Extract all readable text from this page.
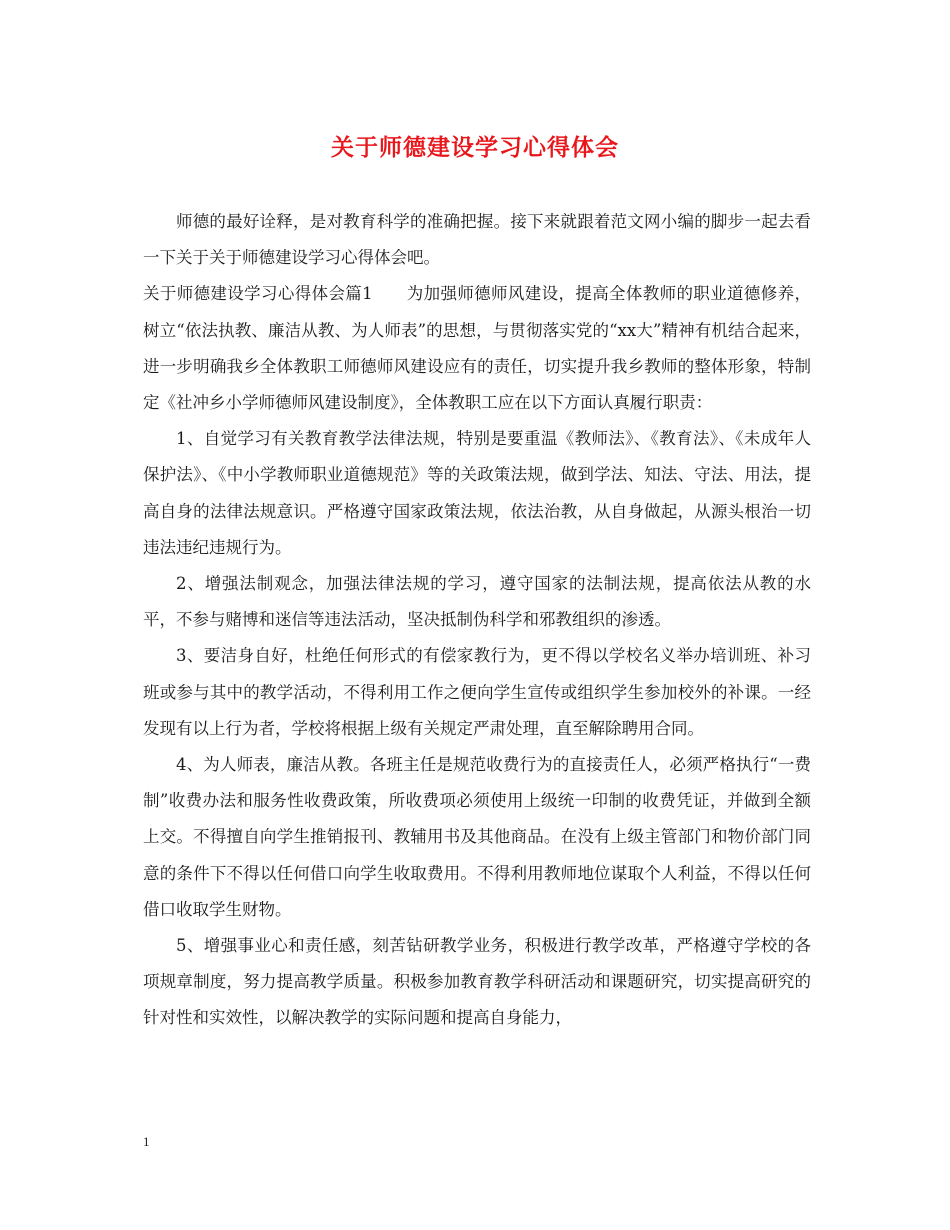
关于师德建设学习心得体会

师德的最好诠释，是对教育科学的准确把握。接下来就跟着范文网小编的脚步一起去看一下关于关于师德建设学习心得体会吧。

关于师德建设学习心得体会篇1　　为加强师德师风建设，提高全体教师的职业道德修养，树立“依法执教、廉洁从教、为人师表”的思想，与贯彻落实党的“xx大”精神有机结合起来，进一步明确我乡全体教职工师德师风建设应有的责任，切实提升我乡教师的整体形象，特制定《社冲乡小学师德师风建设制度》，全体教职工应在以下方面认真履行职责：

1、自觉学习有关教育教学法律法规，特别是要重温《教师法》、《教育法》、《未成年人保护法》、《中小学教师职业道德规范》等的关政策法规，做到学法、知法、守法、用法，提高自身的法律法规意识。严格遵守国家政策法规，依法治教，从自身做起，从源头根治一切违法违纪违规行为。

2、增强法制观念，加强法律法规的学习，遵守国家的法制法规，提高依法从教的水平，不参与赌博和迷信等违法活动，坚决抵制伪科学和邪教组织的渗透。

3、要洁身自好，杜绝任何形式的有偿家教行为，更不得以学校名义举办培训班、补习班或参与其中的教学活动，不得利用工作之便向学生宣传或组织学生参加校外的补课。一经发现有以上行为者，学校将根据上级有关规定严肃处理，直至解除聘用合同。

4、为人师表，廉洁从教。各班主任是规范收费行为的直接责任人，必须严格执行“一费制”收费办法和服务性收费政策，所收费项必须使用上级统一印制的收费凭证，并做到全额上交。不得擅自向学生推销报刊、教辅用书及其他商品。在没有上级主管部门和物价部门同意的条件下不得以任何借口向学生收取费用。不得利用教师地位谋取个人利益，不得以任何借口收取学生财物。

5、增强事业心和责任感，刻苦钻研教学业务，积极进行教学改革，严格遵守学校的各项规章制度，努力提高教学质量。积极参加教育教学科研活动和课题研究，切实提高研究的针对性和实效性，以解决教学的实际问题和提高自身能力，

1
